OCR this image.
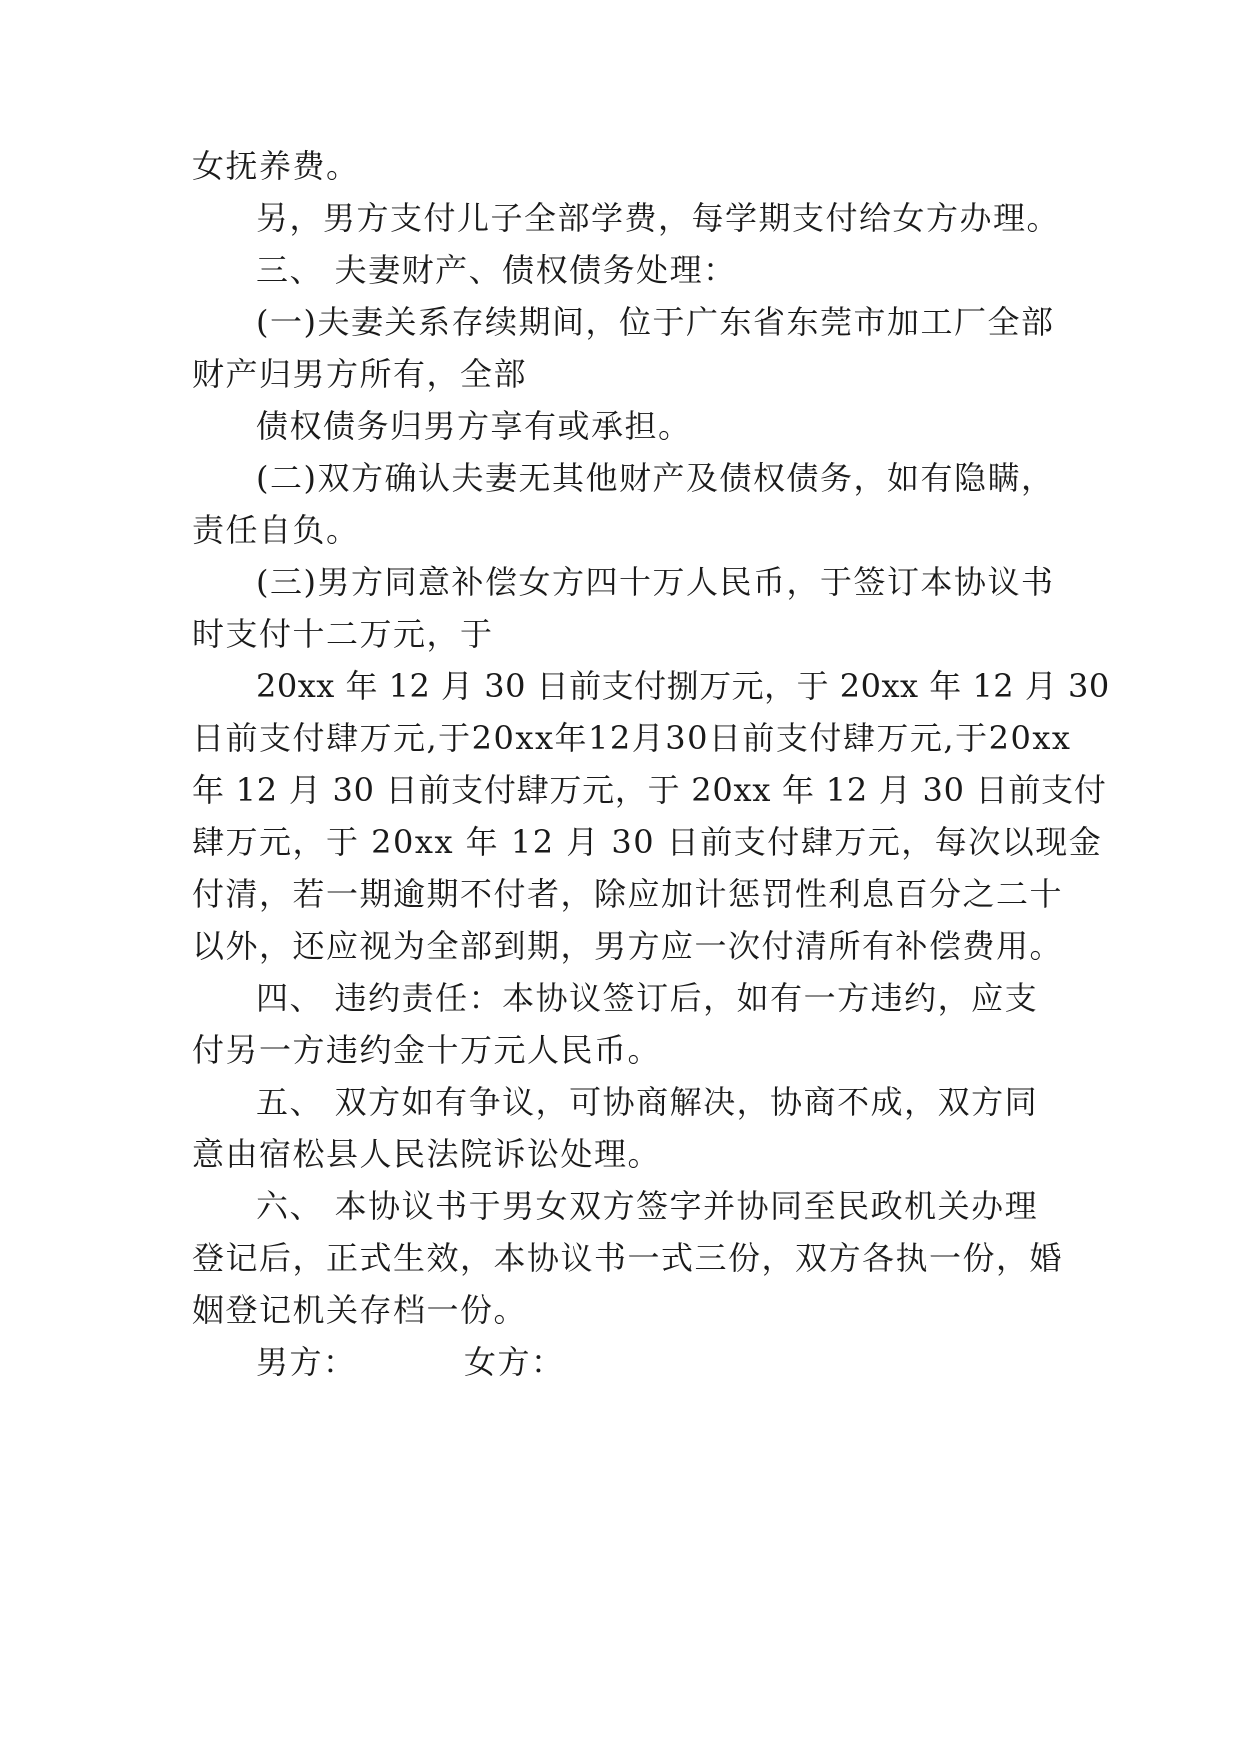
女抚养费。
另，男方支付儿子全部学费，每学期支付给女方办理。
三、 夫妻财产、债权债务处理：
(一)夫妻关系存续期间，位于广东省东莞市加工厂全部
财产归男方所有，全部
债权债务归男方享有或承担。
(二)双方确认夫妻无其他财产及债权债务，如有隐瞒，
责任自负。
(三)男方同意补偿女方四十万人民币，于签订本协议书
时支付十二万元，于
20xx 年 12 月 30 日前支付捌万元，于 20xx 年 12 月 30
日前支付肆万元,于20xx年12月30日前支付肆万元,于20xx
年 12 月 30 日前支付肆万元，于 20xx 年 12 月 30 日前支付
肆万元，于 20xx 年 12 月 30 日前支付肆万元，每次以现金
付清，若一期逾期不付者，除应加计惩罚性利息百分之二十
以外，还应视为全部到期，男方应一次付清所有补偿费用。
四、 违约责任：本协议签订后，如有一方违约，应支
付另一方违约金十万元人民币。
五、 双方如有争议，可协商解决，协商不成，双方同
意由宿松县人民法院诉讼处理。
六、 本协议书于男女双方签字并协同至民政机关办理
登记后，正式生效，本协议书一式三份，双方各执一份，婚
姻登记机关存档一份。
男方：	女方：
